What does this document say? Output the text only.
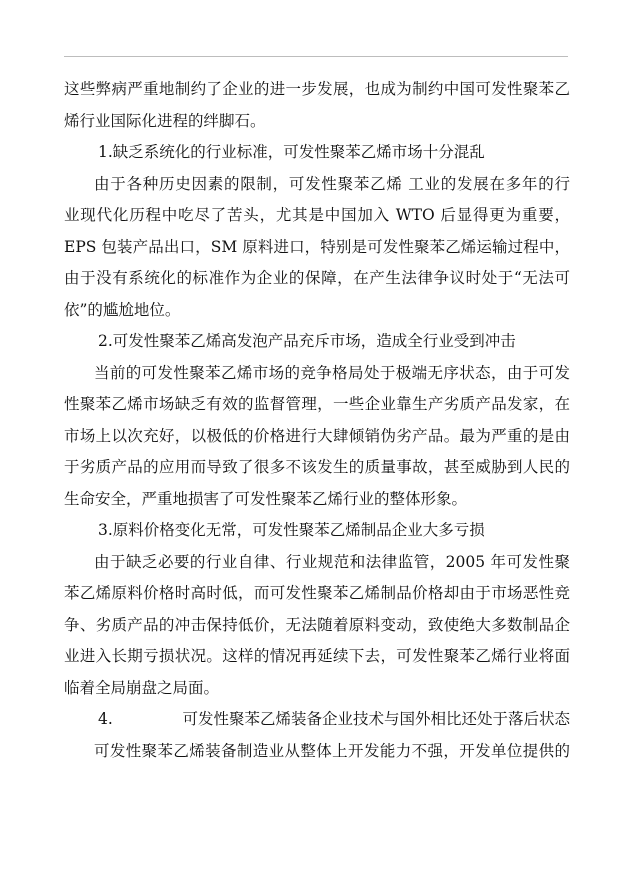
这些弊病严重地制约了企业的进一步发展，也成为制约中国可发性聚苯乙
烯行业国际化进程的绊脚石。
1.缺乏系统化的行业标准，可发性聚苯乙烯市场十分混乱
由于各种历史因素的限制，可发性聚苯乙烯 工业的发展在多年的行
业现代化历程中吃尽了苦头，尤其是中国加入 WTO 后显得更为重要，
EPS 包装产品出口，SM 原料进口，特别是可发性聚苯乙烯运输过程中，
由于没有系统化的标准作为企业的保障，在产生法律争议时处于“无法可
依”的尴尬地位。
2.可发性聚苯乙烯高发泡产品充斥市场，造成全行业受到冲击
当前的可发性聚苯乙烯市场的竞争格局处于极端无序状态，由于可发
性聚苯乙烯市场缺乏有效的监督管理，一些企业靠生产劣质产品发家，在
市场上以次充好，以极低的价格进行大肆倾销伪劣产品。最为严重的是由
于劣质产品的应用而导致了很多不该发生的质量事故，甚至威胁到人民的
生命安全，严重地损害了可发性聚苯乙烯行业的整体形象。
3.原料价格变化无常，可发性聚苯乙烯制品企业大多亏损
由于缺乏必要的行业自律、行业规范和法律监管，2005 年可发性聚
苯乙烯原料价格时高时低，而可发性聚苯乙烯制品价格却由于市场恶性竞
争、劣质产品的冲击保持低价，无法随着原料变动，致使绝大多数制品企
业进入长期亏损状况。这样的情况再延续下去，可发性聚苯乙烯行业将面
临着全局崩盘之局面。
4.	可发性聚苯乙烯装备企业技术与国外相比还处于落后状态
可发性聚苯乙烯装备制造业从整体上开发能力不强，开发单位提供的
